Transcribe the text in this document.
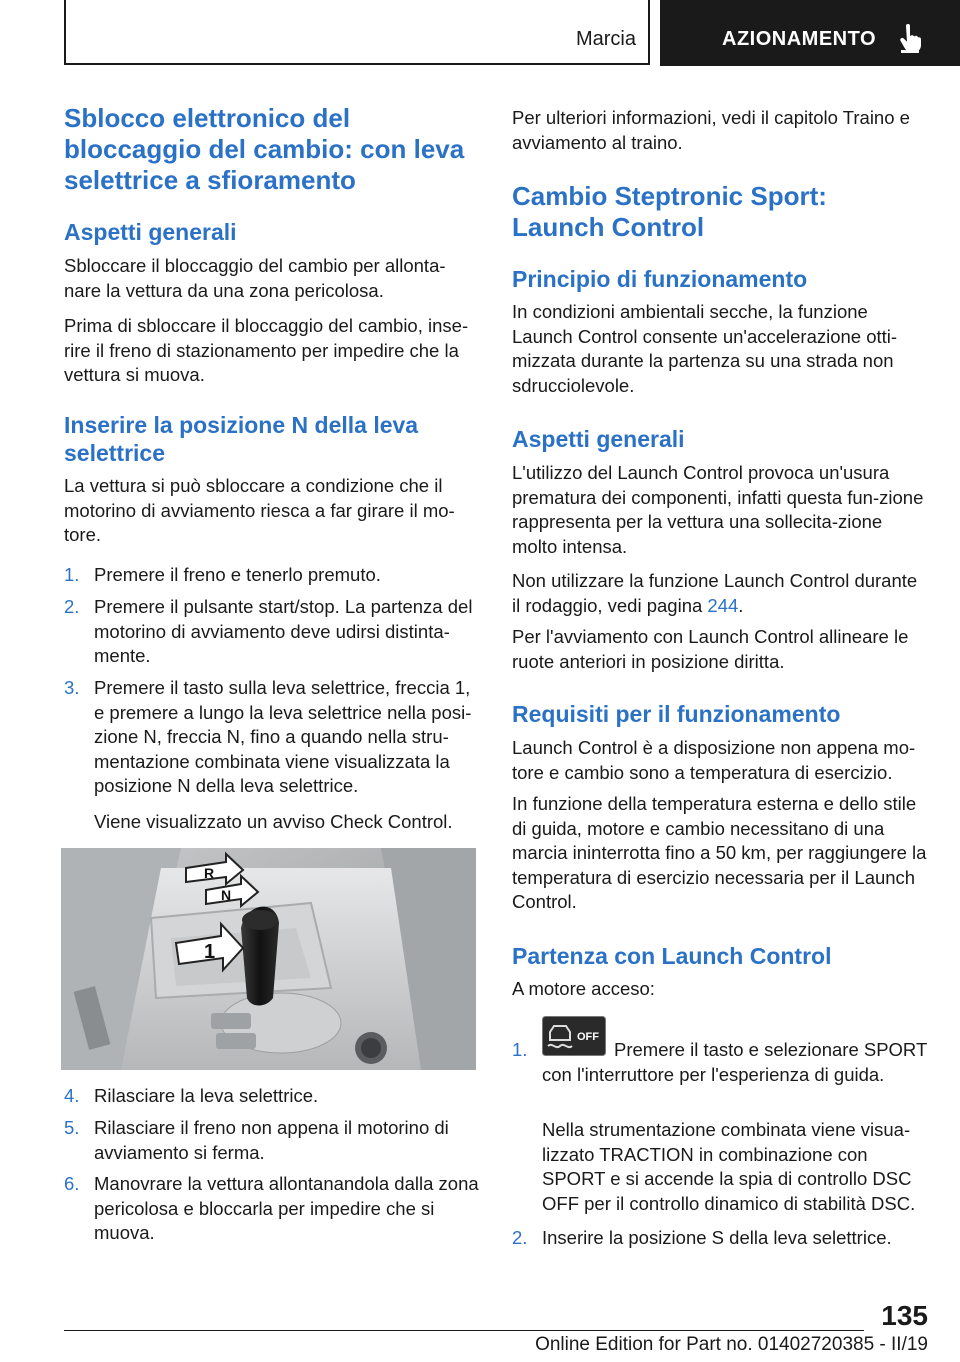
Marcia	AZIONAMENTO
Sblocco elettronico del bloccaggio del cambio: con leva selettrice a sfioramento
Aspetti generali

Sbloccare il bloccaggio del cambio per allonta-nare la vettura da una zona pericolosa.

Prima di sbloccare il bloccaggio del cambio, inse-rire il freno di stazionamento per impedire che la vettura si muova.

Inserire la posizione N della leva selettrice

La vettura si può sbloccare a condizione che il motorino di avviamento riesca a far girare il mo-tore.

1. Premere il freno e tenerlo premuto.

2. Premere il pulsante start/stop. La partenza del motorino di avviamento deve udirsi distinta-mente.

3. Premere il tasto sulla leva selettrice, freccia 1, e premere a lungo la leva selettrice nella posi-zione N, freccia N, fino a quando nella stru-mentazione combinata viene visualizzata la posizione N della leva selettrice.

Viene visualizzato un avviso Check Control.

4. Rilasciare la leva selettrice.

5. Rilasciare il freno non appena il motorino di avviamento si ferma.

6. Manovrare la vettura allontanandola dalla zona pericolosa e bloccarla per impedire che si muova.

R
N
1

Per ulteriori informazioni, vedi il capitolo Traino e avviamento al traino.

Cambio Steptronic Sport: Launch Control
Principio di funzionamento

In condizioni ambientali secche, la funzione Launch Control consente un'accelerazione otti-mizzata durante la partenza su una strada non sdrucciolevole.

Aspetti generali

L'utilizzo del Launch Control provoca un'usura prematura dei componenti, infatti questa fun-zione rappresenta per la vettura una sollecita-zione molto intensa.

Non utilizzare la funzione Launch Control durante il rodaggio, vedi pagina 244.

Per l'avviamento con Launch Control allineare le ruote anteriori in posizione diritta.

Requisiti per il funzionamento

Launch Control è a disposizione non appena mo-tore e cambio sono a temperatura di esercizio.

In funzione della temperatura esterna e dello stile di guida, motore e cambio necessitano di una marcia ininterrotta fino a 50 km, per raggiungere la temperatura di esercizio necessaria per il Launch Control.

Partenza con Launch Control

A motore acceso:

1.
OFF

Premere il tasto e selezionare SPORT con l'interruttore per l'esperienza di guida.

Nella strumentazione combinata viene visua-lizzato TRACTION in combinazione con SPORT e si accende la spia di controllo DSC OFF per il controllo dinamico di stabilità DSC.

2. Inserire la posizione S della leva selettrice.

135
Online Edition for Part no. 01402720385 - II/19
